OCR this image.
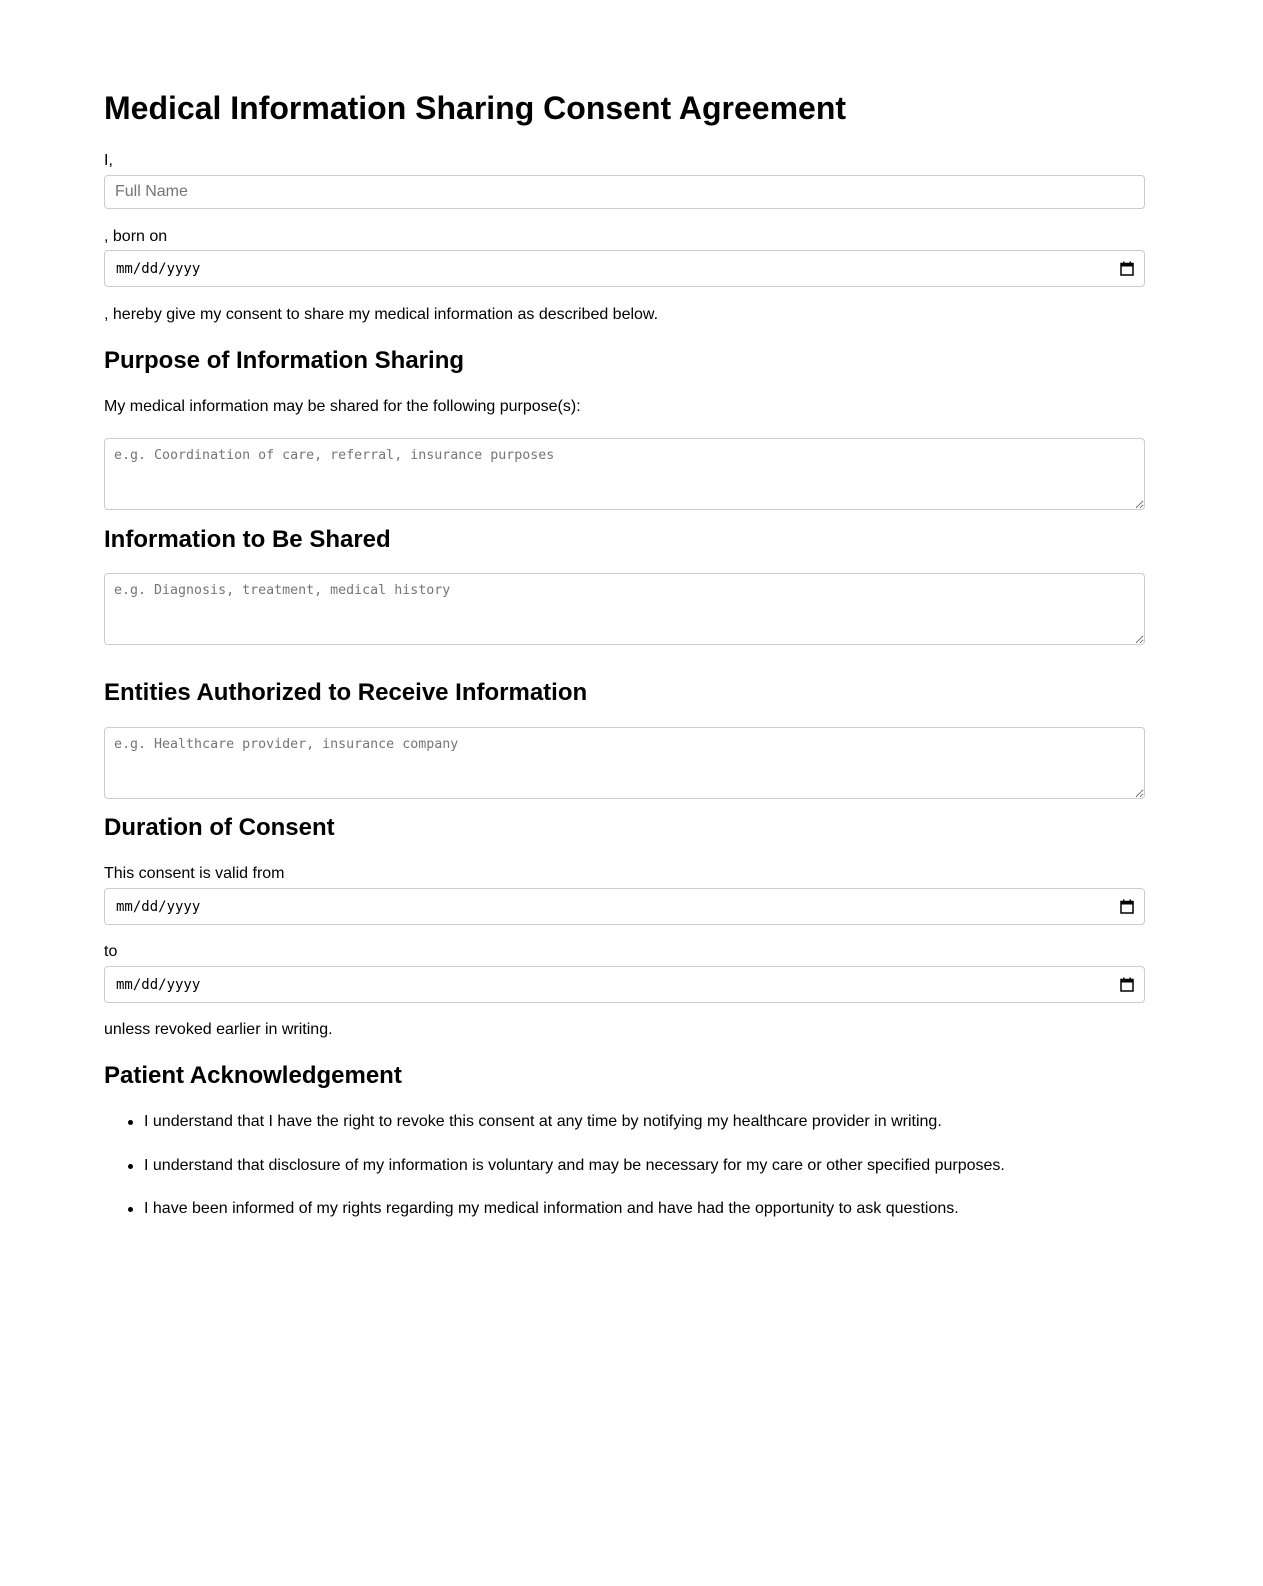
Medical Information Sharing Consent Agreement
I,
Full Name
, born on
mm/dd/yyyy
, hereby give my consent to share my medical information as described below.
Purpose of Information Sharing
My medical information may be shared for the following purpose(s):
e.g. Coordination of care, referral, insurance purposes
Information to Be Shared
e.g. Diagnosis, treatment, medical history
Entities Authorized to Receive Information
e.g. Healthcare provider, insurance company
Duration of Consent
This consent is valid from
mm/dd/yyyy
to
mm/dd/yyyy
unless revoked earlier in writing.
Patient Acknowledgement
I understand that I have the right to revoke this consent at any time by notifying my healthcare provider in writing.
I understand that disclosure of my information is voluntary and may be necessary for my care or other specified purposes.
I have been informed of my rights regarding my medical information and have had the opportunity to ask questions.
